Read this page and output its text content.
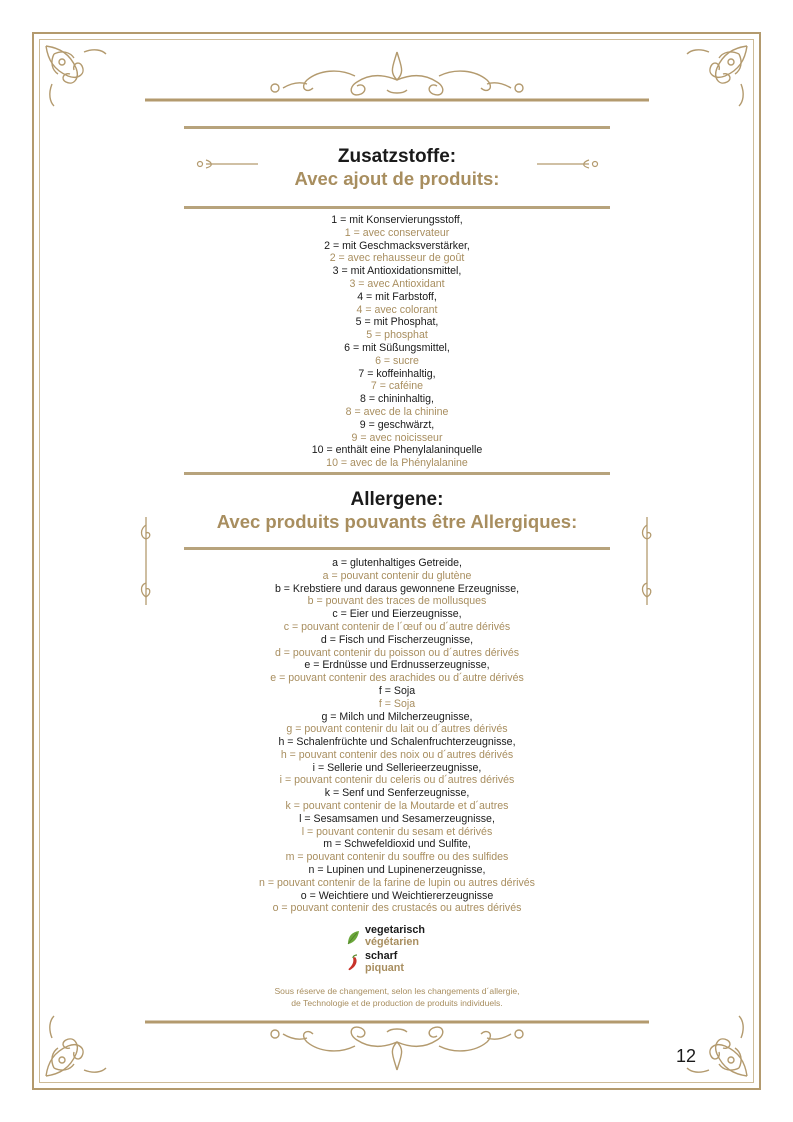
Zusatzstoffe:
Avec ajout de produits:
1 = mit Konservierungsstoff,
1 = avec conservateur
2 = mit Geschmacksverstärker,
2 = avec rehausseur de goût
3 = mit Antioxidationsmittel,
3 = avec Antioxidant
4 = mit Farbstoff,
4 = avec colorant
5 = mit Phosphat,
5 = phosphat
6 = mit Süßungsmittel,
6 = sucre
7 = koffeinhaltig,
7 = caféine
8 = chininhaltig,
8 = avec de la chinine
9 = geschwärzt,
9 = avec noicisseur
10 = enthält eine Phenylalaninquelle
10 = avec de la Phénylalanine
Allergene:
Avec produits pouvants être Allergiques:
a = glutenhaltiges Getreide,
a = pouvant contenir du glutène
b = Krebstiere und daraus gewonnene Erzeugnisse,
b = pouvant des traces de mollusques
c = Eier und Eierzeugnisse,
c = pouvant contenir de l´œuf ou d´autre dérivés
d = Fisch und Fischerzeugnisse,
d = pouvant contenir du poisson ou d´autres dérivés
e = Erdnüsse und Erdnusserzeugnisse,
e = pouvant contenir des arachides ou d´autre dérivés
f = Soja
f = Soja
g = Milch und Milcherzeugnisse,
g = pouvant contenir du lait ou d´autres dérivés
h = Schalenfrüchte und Schalenfruchterzeugnisse,
h = pouvant contenir des noix ou d´autres dérivés
i = Sellerie und Sellerieerzeugnisse,
i = pouvant contenir du celeris ou d´autres dérivés
k = Senf und Senferzeugnisse,
k = pouvant contenir de la Moutarde et d´autres
l = Sesamsamen und Sesamerzeugnisse,
l = pouvant contenir du sesam et dérivés
m = Schwefeldioxid und Sulfite,
m = pouvant contenir du souffre ou des sulfides
n = Lupinen und Lupinenerzeugnisse,
n = pouvant contenir de la farine de lupin ou autres dérivés
o = Weichtiere und Weichtiererzeugnisse
o = pouvant contenir des crustacés ou autres dérivés
vegetarisch
végétarien
scharf
piquant
Sous réserve de changement, selon les changements d´allergie,
de Technologie et de production de produits individuels.
12
